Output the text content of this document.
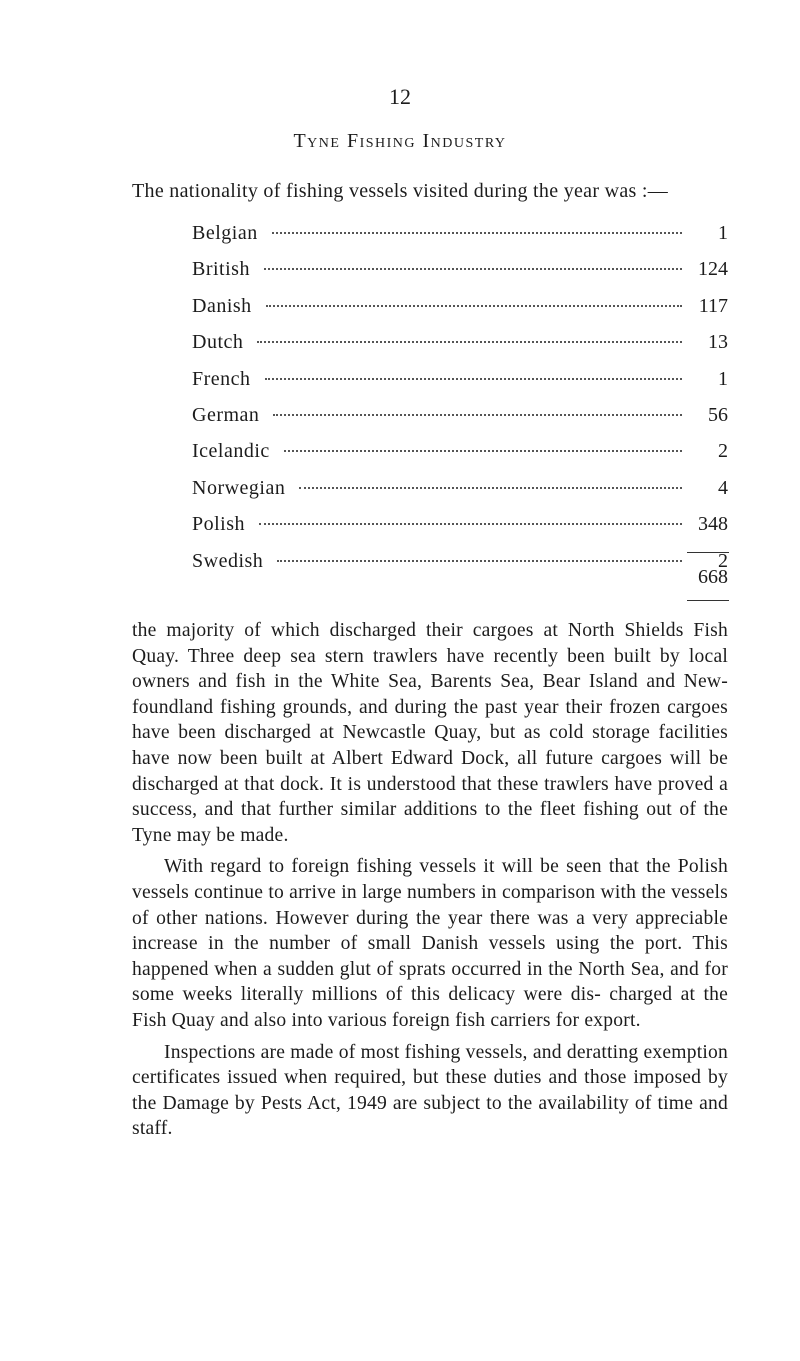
12
Tyne Fishing Industry
The nationality of fishing vessels visited during the year was :—
Belgian	1
British	124
Danish	117
Dutch	13
French	1
German	56
Icelandic	2
Norwegian	4
Polish	348
Swedish	2
668

the majority of which discharged their cargoes at North Shields Fish Quay. Three deep sea stern trawlers have recently been built by local owners and fish in the White Sea, Barents Sea, Bear Island and New- foundland fishing grounds, and during the past year their frozen cargoes have been discharged at Newcastle Quay, but as cold storage facilities have now been built at Albert Edward Dock, all future cargoes will be discharged at that dock. It is understood that these trawlers have proved a success, and that further similar additions to the fleet fishing out of the Tyne may be made.

With regard to foreign fishing vessels it will be seen that the Polish vessels continue to arrive in large numbers in comparison with the vessels of other nations. However during the year there was a very appreciable increase in the number of small Danish vessels using the port. This happened when a sudden glut of sprats occurred in the North Sea, and for some weeks literally millions of this delicacy were dis- charged at the Fish Quay and also into various foreign fish carriers for export.

Inspections are made of most fishing vessels, and deratting exemption certificates issued when required, but these duties and those imposed by the Damage by Pests Act, 1949 are subject to the availability of time and staff.
